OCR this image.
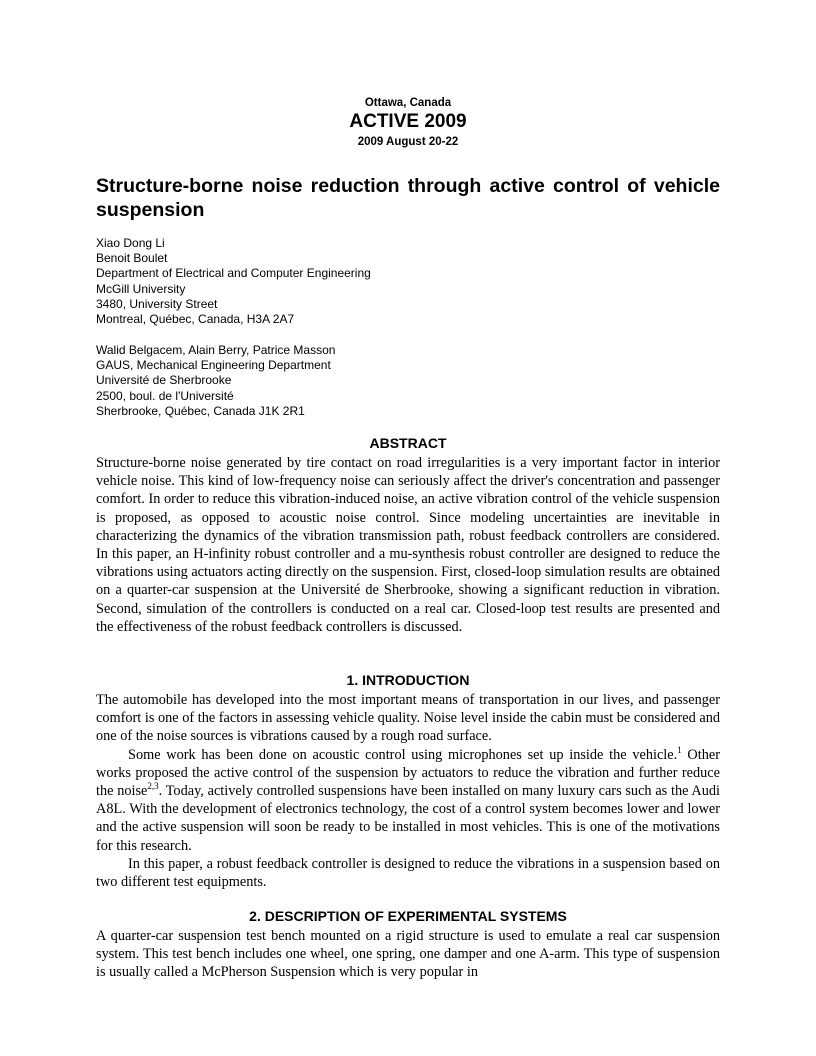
Ottawa, Canada
ACTIVE 2009
2009 August 20-22
Structure-borne noise reduction through active control of vehicle suspension
Xiao Dong Li
Benoit Boulet
Department of Electrical and Computer Engineering
McGill University
3480, University Street
Montreal, Québec, Canada, H3A 2A7
Walid Belgacem, Alain Berry, Patrice Masson
GAUS, Mechanical Engineering Department
Université de Sherbrooke
2500, boul. de l'Université
Sherbrooke, Québec, Canada J1K 2R1
ABSTRACT

Structure-borne noise generated by tire contact on road irregularities is a very important factor in interior vehicle noise. This kind of low-frequency noise can seriously affect the driver's concentration and passenger comfort. In order to reduce this vibration-induced noise, an active vibration control of the vehicle suspension is proposed, as opposed to acoustic noise control. Since modeling uncertainties are inevitable in characterizing the dynamics of the vibration transmission path, robust feedback controllers are considered. In this paper, an H-infinity robust controller and a mu-synthesis robust controller are designed to reduce the vibrations using actuators acting directly on the suspension. First, closed-loop simulation results are obtained on a quarter-car suspension at the Université de Sherbrooke, showing a significant reduction in vibration. Second, simulation of the controllers is conducted on a real car. Closed-loop test results are presented and the effectiveness of the robust feedback controllers is discussed.

1. INTRODUCTION

The automobile has developed into the most important means of transportation in our lives, and passenger comfort is one of the factors in assessing vehicle quality. Noise level inside the cabin must be considered and one of the noise sources is vibrations caused by a rough road surface.

Some work has been done on acoustic control using microphones set up inside the vehicle.$^1$ Other works proposed the active control of the suspension by actuators to reduce the vibration and further reduce the noise$^{2,3}$. Today, actively controlled suspensions have been installed on many luxury cars such as the Audi A8L. With the development of electronics technology, the cost of a control system becomes lower and lower and the active suspension will soon be ready to be installed in most vehicles. This is one of the motivations for this research.

In this paper, a robust feedback controller is designed to reduce the vibrations in a suspension based on two different test equipments.

2. DESCRIPTION OF EXPERIMENTAL SYSTEMS

A quarter-car suspension test bench mounted on a rigid structure is used to emulate a real car suspension system. This test bench includes one wheel, one spring, one damper and one A-arm. This type of suspension is usually called a McPherson Suspension which is very popular in
